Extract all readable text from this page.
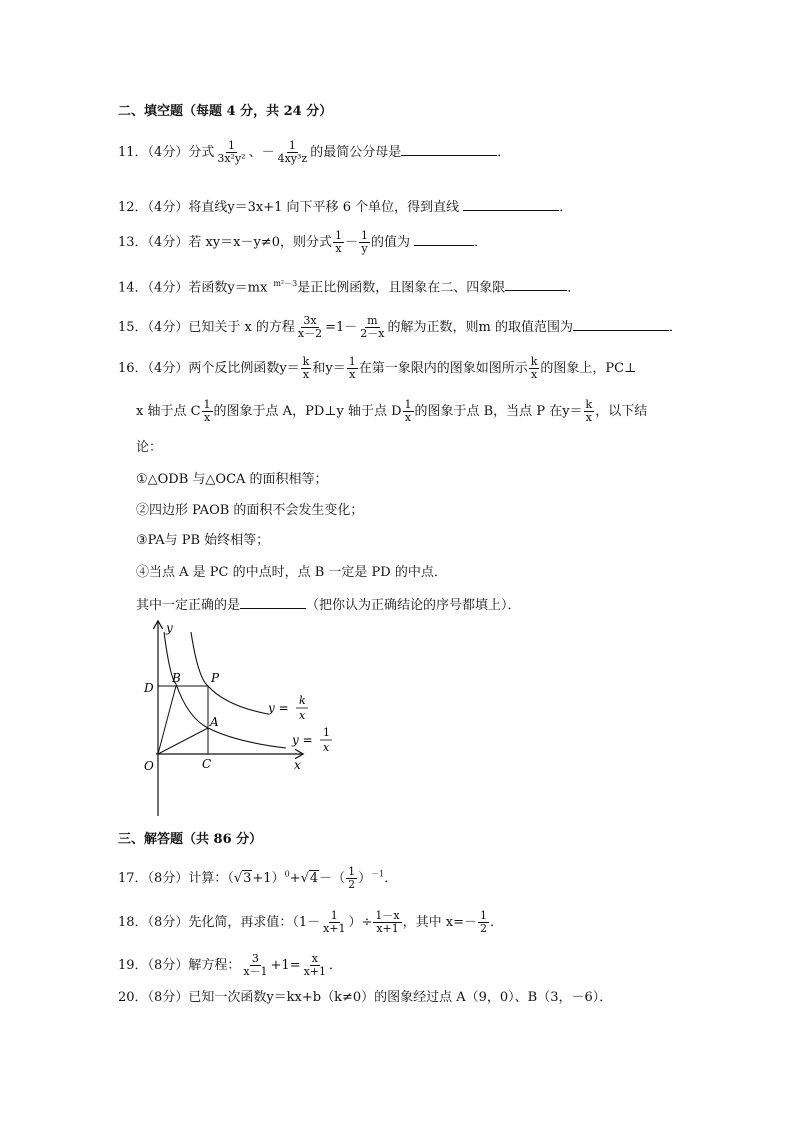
二、填空题（每题 4 分，共 24 分）
11．（4分）分式 $\frac{1}{\text{3x²y²}}$ 、－ $\frac{1}{\text{4xy³z}}$ 的最简公分母是	．
12．（4分）将直线y＝3x+1 向下平移 6 个单位，得到直线	．
13．（4分）若 xy＝x－y≠0，则分式 $\frac{1}{x} - \frac{1}{y}$ 的值为	．
14．（4分）若函数y＝mx $^{m^2-3}$是正比例函数，且图象在二、四象限	．
15．（4分）已知关于 x 的方程 $\frac{3x}{x-2} =1- \frac{m}{2-x}$ 的解为正数，则m 的取值范围为	．
16．（4分）两个反比例函数$y= \frac{k}{x}$ 和$y= \frac{1}{x}$ 在第一象限内的图象如图所示 $\frac{k}{x}$ 的图象上，PC⊥
x 轴于点 C $\frac{1}{x}$ 的图象于点 A，PD⊥y 轴于点 D $\frac{1}{x}$ 的图象于点 B，当点 P 在$y= \frac{k}{x}$ ，以下结
论：
①△ODB 与△OCA 的面积相等；
②四边形 PAOB 的面积不会发生变化；
③PA与 PB 始终相等；
④当点 A 是 PC 的中点时，点 B 一定是 PD 的中点．
其中一定正确的是	（把你认为正确结论的序号都填上）．
y
x
O	C
D
B	P
A
y =
k
x
y =
1
x
三、解答题（共 86 分）
17．（8分）计算：$(√3+1)^0+√4-( \frac{1}{2} )^{-1}$．
18．（8分）先化简，再求值：（$1- \frac{1}{x+1}$ ）÷ $\frac{1-x}{x+1}$ ，其中 $x=- \frac{1}{2}$ ．
19．（8分）解方程： $\frac{3}{x-1} +1= \frac{x}{x+1}$ ．
20．（8分）已知一次函数y＝kx+b（k≠0）的图象经过点 A（9，0）、B（3，－6）．
